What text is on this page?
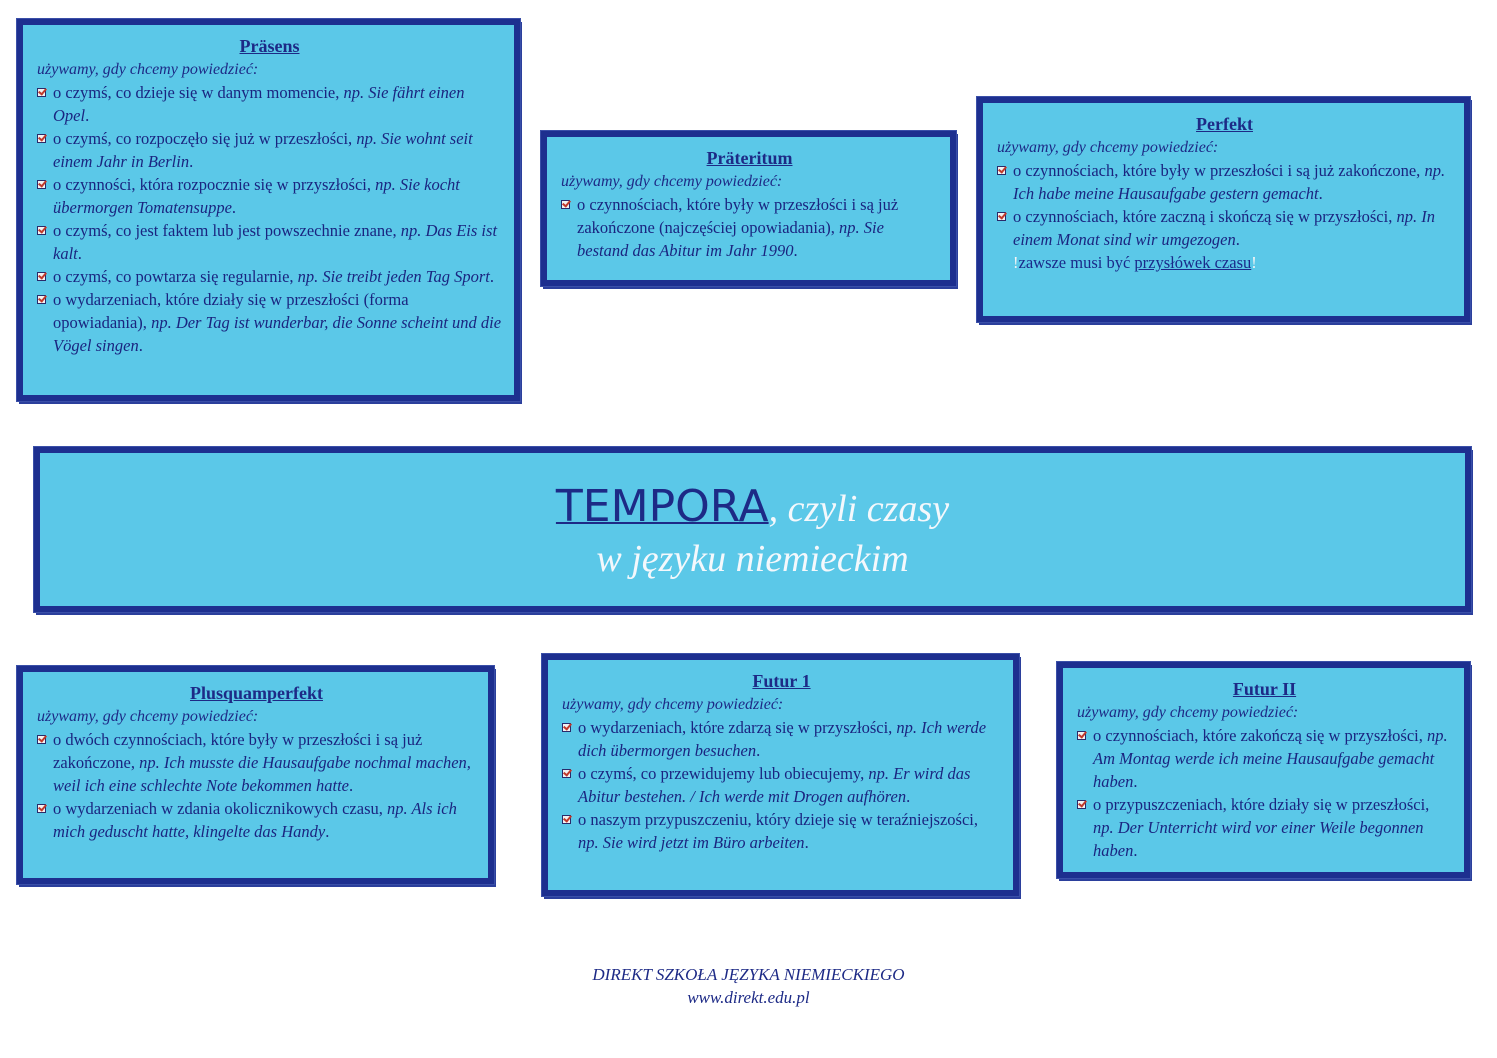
Präsens
używamy, gdy chcemy powiedzieć:
o czymś, co dzieje się w danym momencie, np. Sie fährt einen Opel.
o czymś, co rozpoczęło się już w przeszłości, np. Sie wohnt seit einem Jahr in Berlin.
o czynności, która rozpocznie się w przyszłości, np. Sie kocht übermorgen Tomatensuppe.
o czymś, co jest faktem lub jest powszechnie znane, np. Das Eis ist kalt.
o czymś, co powtarza się regularnie, np. Sie treibt jeden Tag Sport.
o wydarzeniach, które działy się w przeszłości (forma opowiadania), np. Der Tag ist wunderbar, die Sonne scheint und die Vögel singen.
Präteritum
używamy, gdy chcemy powiedzieć:
o czynnościach, które były w przeszłości i są już zakończone (najczęściej opowiadania), np. Sie bestand das Abitur im Jahr 1990.
Perfekt
używamy, gdy chcemy powiedzieć:
o czynnościach, które były w przeszłości i są już zakończone, np. Ich habe meine Hausaufgabe gestern gemacht.
o czynnościach, które zaczną i skończą się w przyszłości, np. In einem Monat sind wir umgezogen.
!zawsze musi być przysłówek czasu!
TEMPORA, czyli czasy
w języku niemieckim
Plusquamperfekt
używamy, gdy chcemy powiedzieć:
o dwóch czynnościach, które były w przeszłości i są już zakończone, np. Ich musste die Hausaufgabe nochmal machen, weil ich eine schlechte Note bekommen hatte.
o wydarzeniach w zdania okolicznikowych czasu, np. Als ich mich geduscht hatte, klingelte das Handy.
Futur 1
używamy, gdy chcemy powiedzieć:
o wydarzeniach, które zdarzą się w przyszłości, np. Ich werde dich übermorgen besuchen.
o czymś, co przewidujemy lub obiecujemy, np. Er wird das Abitur bestehen. / Ich werde mit Drogen aufhören.
o naszym przypuszczeniu, który dzieje się w teraźniejszości, np. Sie wird jetzt im Büro arbeiten.
Futur II
używamy, gdy chcemy powiedzieć:
o czynnościach, które zakończą się w przyszłości, np. Am Montag werde ich meine Hausaufgabe gemacht haben.
o przypuszczeniach, które działy się w przeszłości, np. Der Unterricht wird vor einer Weile begonnen haben.
DIREKT SZKOŁA JĘZYKA NIEMIECKIEGO
www.direkt.edu.pl
